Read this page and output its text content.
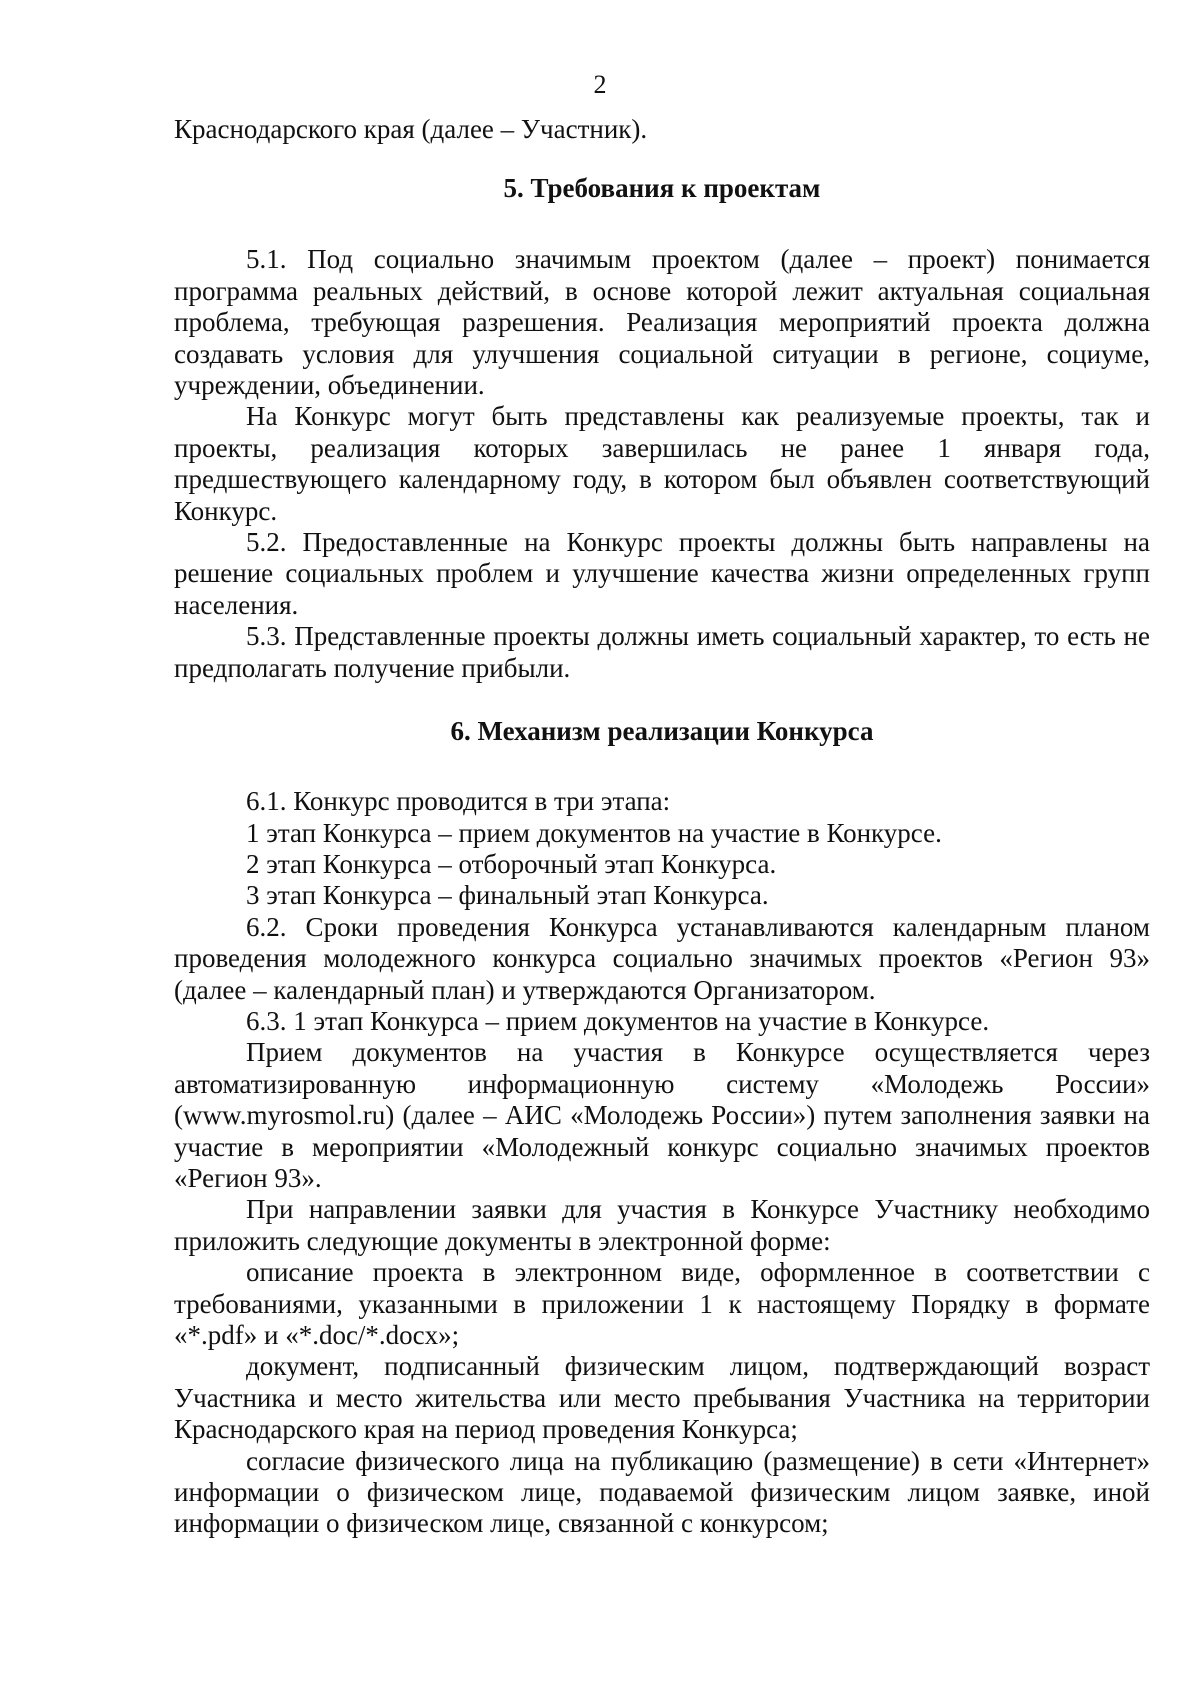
2

Краснодарского края (далее – Участник).

5. Требования к проектам

5.1. Под социально значимым проектом (далее – проект) понимается программа реальных действий, в основе которой лежит актуальная социальная проблема, требующая разрешения. Реализация мероприятий проекта должна создавать условия для улучшения социальной ситуации в регионе, социуме, учреждении, объединении.

На Конкурс могут быть представлены как реализуемые проекты, так и проекты, реализация которых завершилась не ранее 1 января года, предшествующего календарному году, в котором был объявлен соответствующий Конкурс.

5.2. Предоставленные на Конкурс проекты должны быть направлены на решение социальных проблем и улучшение качества жизни определенных групп населения.

5.3. Представленные проекты должны иметь социальный характер, то есть не предполагать получение прибыли.

6. Механизм реализации Конкурса

6.1. Конкурс проводится в три этапа:

1 этап Конкурса – прием документов на участие в Конкурсе.

2 этап Конкурса – отборочный этап Конкурса.

3 этап Конкурса – финальный этап Конкурса.

6.2. Сроки проведения Конкурса устанавливаются календарным планом проведения молодежного конкурса социально значимых проектов «Регион 93» (далее – календарный план) и утверждаются Организатором.

6.3. 1 этап Конкурса – прием документов на участие в Конкурсе.

Прием документов на участия в Конкурсе осуществляется через автоматизированную информационную систему «Молодежь России» (www.myrosmol.ru) (далее – АИС «Молодежь России») путем заполнения заявки на участие в мероприятии «Молодежный конкурс социально значимых проектов «Регион 93».

При направлении заявки для участия в Конкурсе Участнику необходимо приложить следующие документы в электронной форме:

описание проекта в электронном виде, оформленное в соответствии с требованиями, указанными в приложении 1 к настоящему Порядку в формате «*.pdf» и «*.doc/*.docx»;

документ, подписанный физическим лицом, подтверждающий возраст Участника и место жительства или место пребывания Участника на территории Краснодарского края на период проведения Конкурса;

согласие физического лица на публикацию (размещение) в сети «Интернет» информации о физическом лице, подаваемой физическим лицом заявке, иной информации о физическом лице, связанной с конкурсом;
